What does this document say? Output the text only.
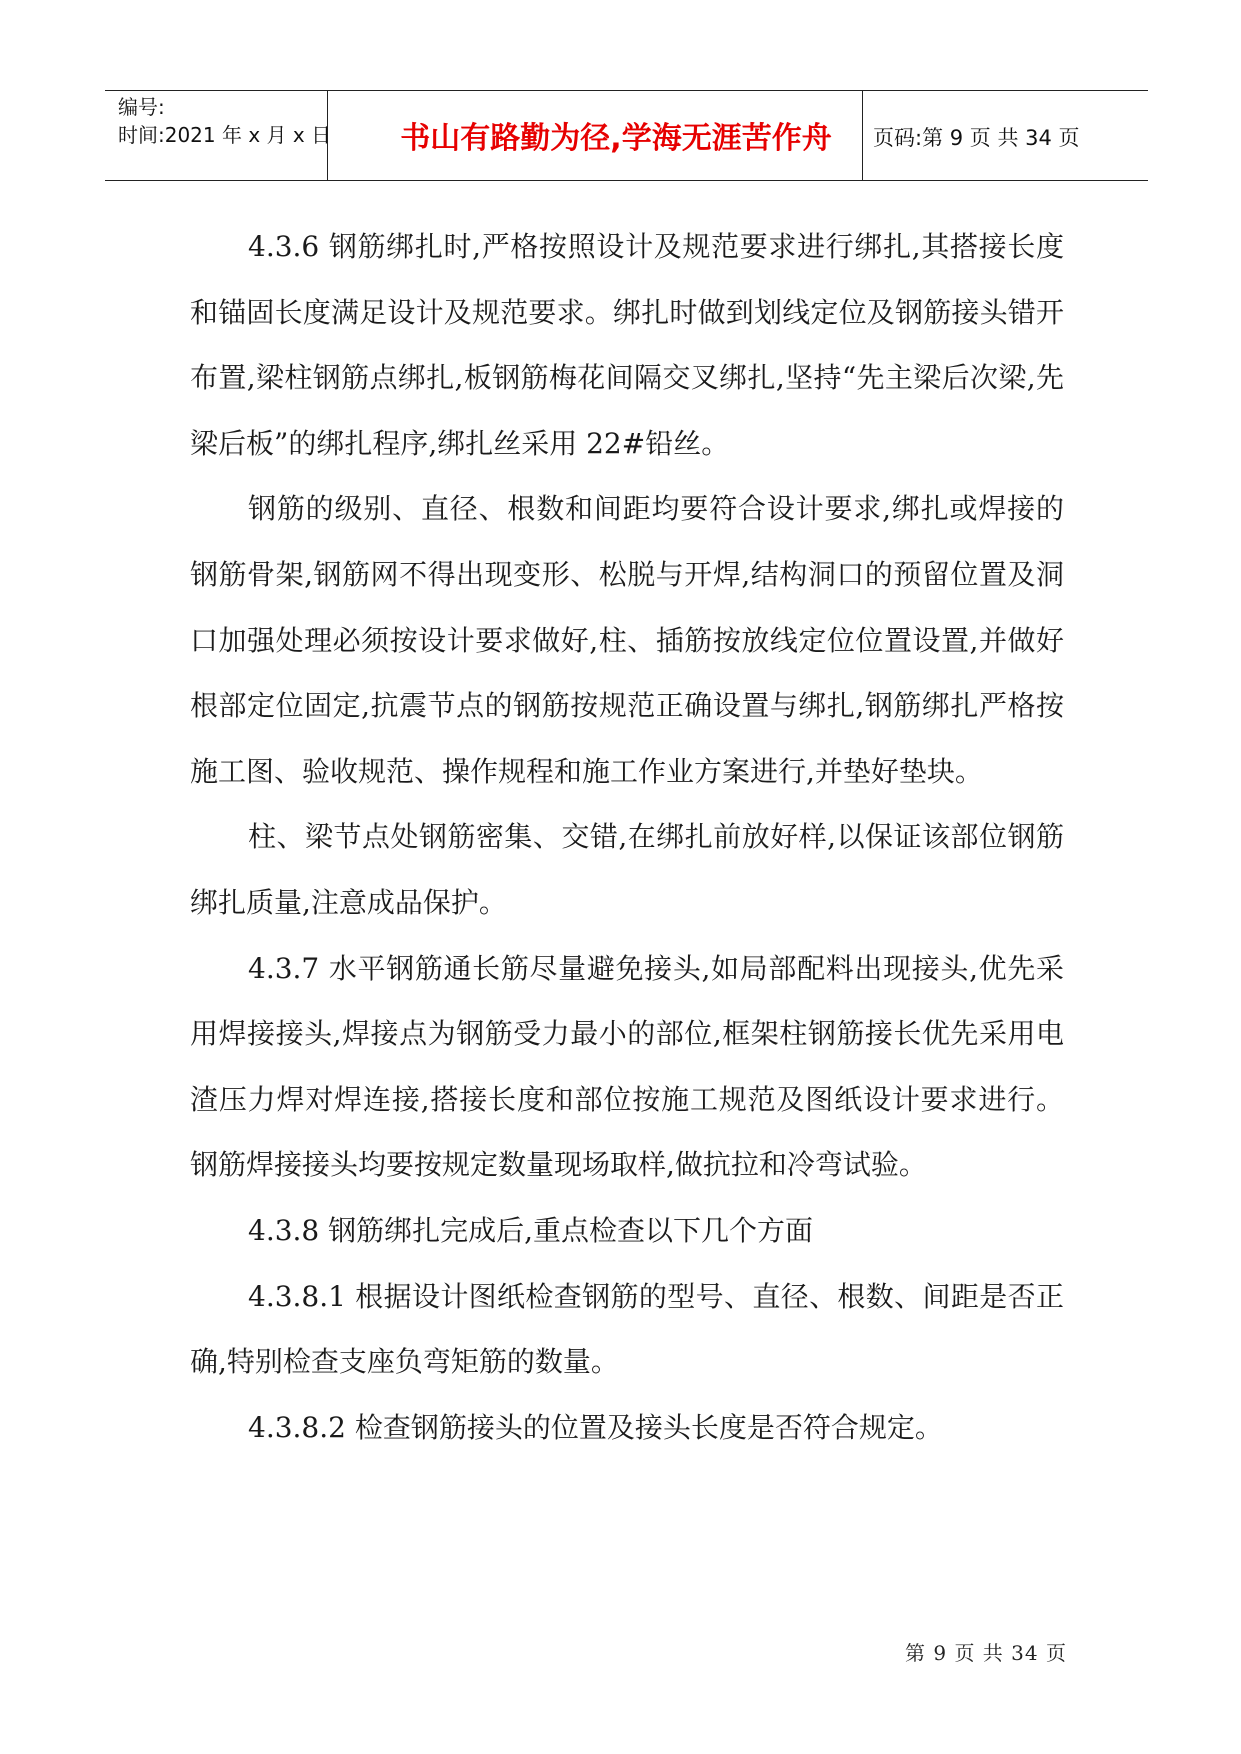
编号:
时间:2021 年 x 月 x 日	书山有路勤为径,学海无涯苦作舟	页码:第 9 页 共 34 页

4.3.6 钢筋绑扎时,严格按照设计及规范要求进行绑扎,其搭接长度和锚固长度满足设计及规范要求。绑扎时做到划线定位及钢筋接头错开布置,梁柱钢筋点绑扎,板钢筋梅花间隔交叉绑扎,坚持“先主梁后次梁,先梁后板”的绑扎程序,绑扎丝采用 22#铅丝。

钢筋的级别、直径、根数和间距均要符合设计要求,绑扎或焊接的钢筋骨架,钢筋网不得出现变形、松脱与开焊,结构洞口的预留位置及洞口加强处理必须按设计要求做好,柱、插筋按放线定位位置设置,并做好根部定位固定,抗震节点的钢筋按规范正确设置与绑扎,钢筋绑扎严格按施工图、验收规范、操作规程和施工作业方案进行,并垫好垫块。

柱、梁节点处钢筋密集、交错,在绑扎前放好样,以保证该部位钢筋绑扎质量,注意成品保护。

4.3.7 水平钢筋通长筋尽量避免接头,如局部配料出现接头,优先采用焊接接头,焊接点为钢筋受力最小的部位,框架柱钢筋接长优先采用电渣压力焊对焊连接,搭接长度和部位按施工规范及图纸设计要求进行。钢筋焊接接头均要按规定数量现场取样,做抗拉和冷弯试验。

4.3.8 钢筋绑扎完成后,重点检查以下几个方面

4.3.8.1 根据设计图纸检查钢筋的型号、直径、根数、间距是否正确,特别检查支座负弯矩筋的数量。

4.3.8.2 检查钢筋接头的位置及接头长度是否符合规定。

第 9 页 共 34 页
